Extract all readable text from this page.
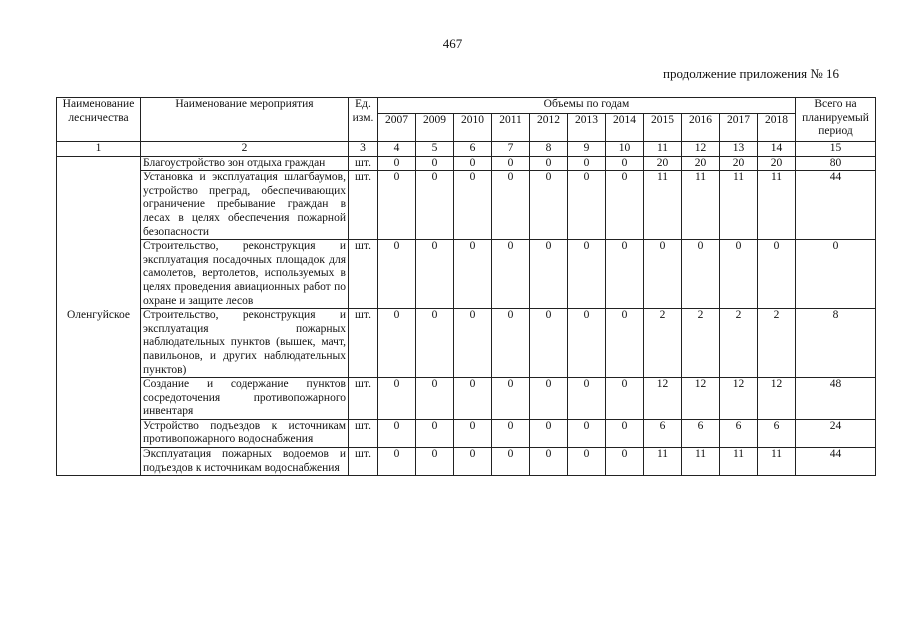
467
продолжение приложения № 16
Наименование лесничества	Наименование мероприятия	Ед. изм.	Объемы по годам											Всего на планируемый период
			2007	2009	2010	2011	2012	2013	2014	2015	2016	2017	2018	
1	2	3	4	5	6	7	8	9	10	11	12	13	14	15
Оленгуйское	Благоустройство зон отдыха граждан	шт.	0	0	0	0	0	0	0	20	20	20	20	80
	Установка и эксплуатация шлагбаумов, устройство преград, обеспечивающих ограничение пребывание граждан в лесах в целях обеспечения пожарной безопасности	шт.	0	0	0	0	0	0	0	11	11	11	11	44
	Строительство, реконструкция и эксплуатация посадочных площадок для самолетов, вертолетов, используемых в целях проведения авиационных работ по охране и защите лесов	шт.	0	0	0	0	0	0	0	0	0	0	0	0
	Строительство, реконструкция и эксплуатация пожарных наблюдательных пунктов (вышек, мачт, павильонов, и других наблюдательных пунктов)	шт.	0	0	0	0	0	0	0	2	2	2	2	8
	Создание и содержание пунктов сосредоточения противопожарного инвентаря	шт.	0	0	0	0	0	0	0	12	12	12	12	48
	Устройство подъездов к источникам противопожарного водоснабжения	шт.	0	0	0	0	0	0	0	6	6	6	6	24
	Эксплуатация пожарных водоемов и подъездов к источникам водоснабжения	шт.	0	0	0	0	0	0	0	11	11	11	11	44
